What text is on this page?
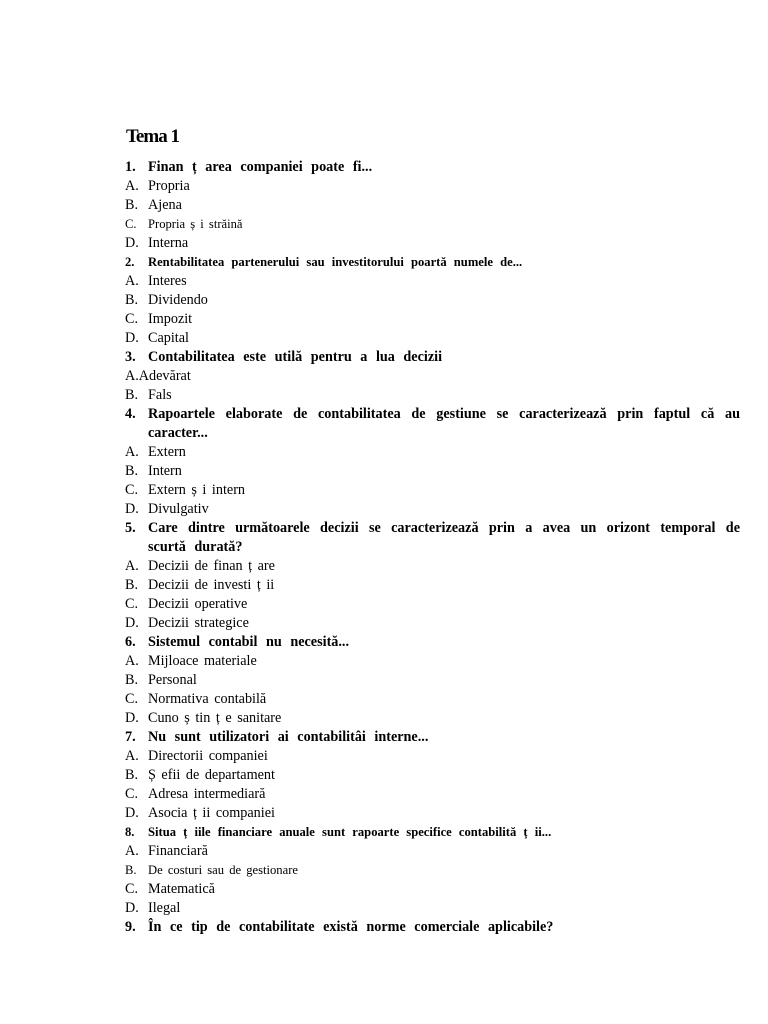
Tema 1
1. Finan ț area companiei poate fi...
A. Propria
B. Ajena
C. Propria ș i străină
D. Interna
2.	Rentabilitatea partenerului sau investitorului poartă numele de...
A. Interes
B. Dividendo
C. Impozit
D. Capital
3. Contabilitatea este utilă pentru a lua decizii
A. Adevărat
B. Fals
4. Rapoartele elaborate de contabilitatea de gestiune se caracterizează prin faptul că au caracter...
A. Extern
B. Intern
C. Extern ș i intern
D. Divulgativ
5. Care dintre următoarele decizii se caracterizează prin a avea un orizont temporal de scurtă durată?
A. Decizii de finan ț are
B. Decizii de investi ț ii
C. Decizii operative
D. Decizii strategice
6. Sistemul contabil nu necesită...
A. Mijloace materiale
B. Personal
C. Normativa contabilă
D. Cuno ș tin ț e sanitare
7. Nu sunt utilizatori ai contabilitâi interne...
A. Directorii companiei
B. Ș efii de departament
C. Adresa intermediară
D. Asocia ț ii companiei
8.	Situa ț iile financiare anuale sunt rapoarte specifice contabilită ț ii...
A. Financiară
B. De costuri sau de gestionare
C. Matematică
D. Ilegal
9. În ce tip de contabilitate există norme comerciale aplicabile?
